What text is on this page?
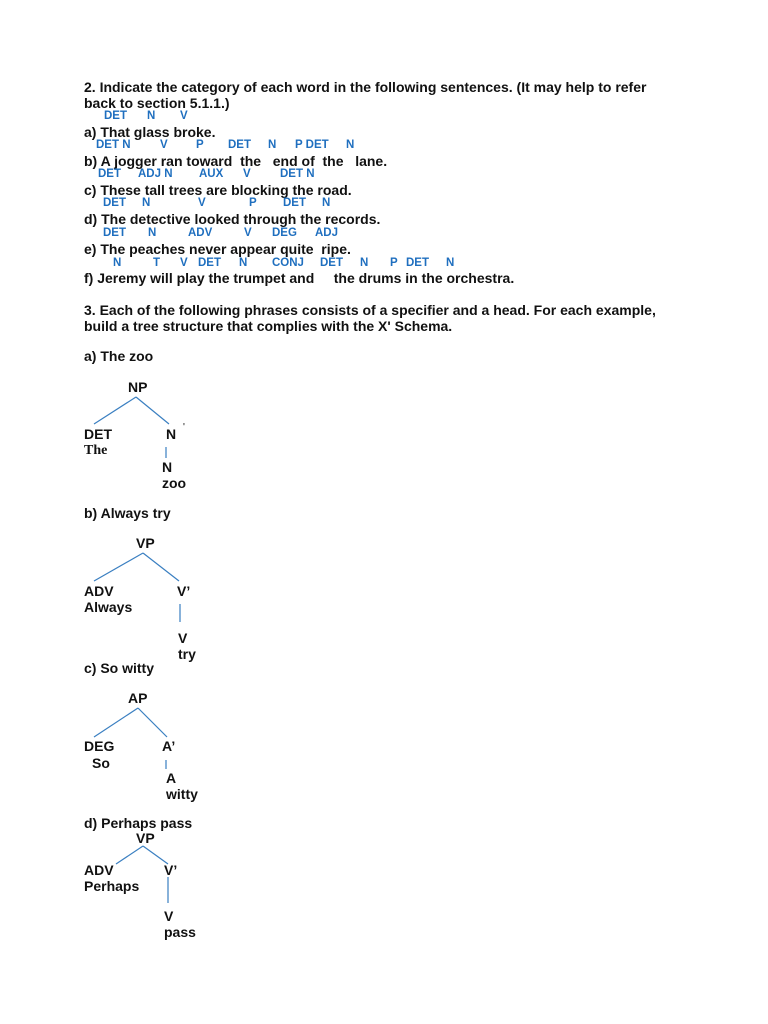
2. Indicate the category of each word in the following sentences. (It may help to refer
back to section 5.1.1.)
DET N V
a) That glass broke.
DET N	V P DET N P DET N
b) A jogger ran toward  the   end of  the   lane.
DET ADJ N AUX V	DET N
c) These tall trees are blocking the road.
DET N	V	P DET N
d) The detective looked through the records.
DET N	ADV	V DEG ADJ
e) The peaches never appear quite  ripe.
N	T V DET N CONJ DET N P DET N
f) Jeremy will play the trumpet and     the drums in the orchestra.
3. Each of the following phrases consists of a specifier and a head. For each example,
build a tree structure that complies with the X' Schema.
a) The zoo
NP
DET
The
N '
N
zoo
b) Always try
VP
ADV
Always
V’
V
try
c) So witty
AP
DEG
So
A’
A
witty
d) Perhaps pass
VP
ADV
Perhaps
V’
V
pass
